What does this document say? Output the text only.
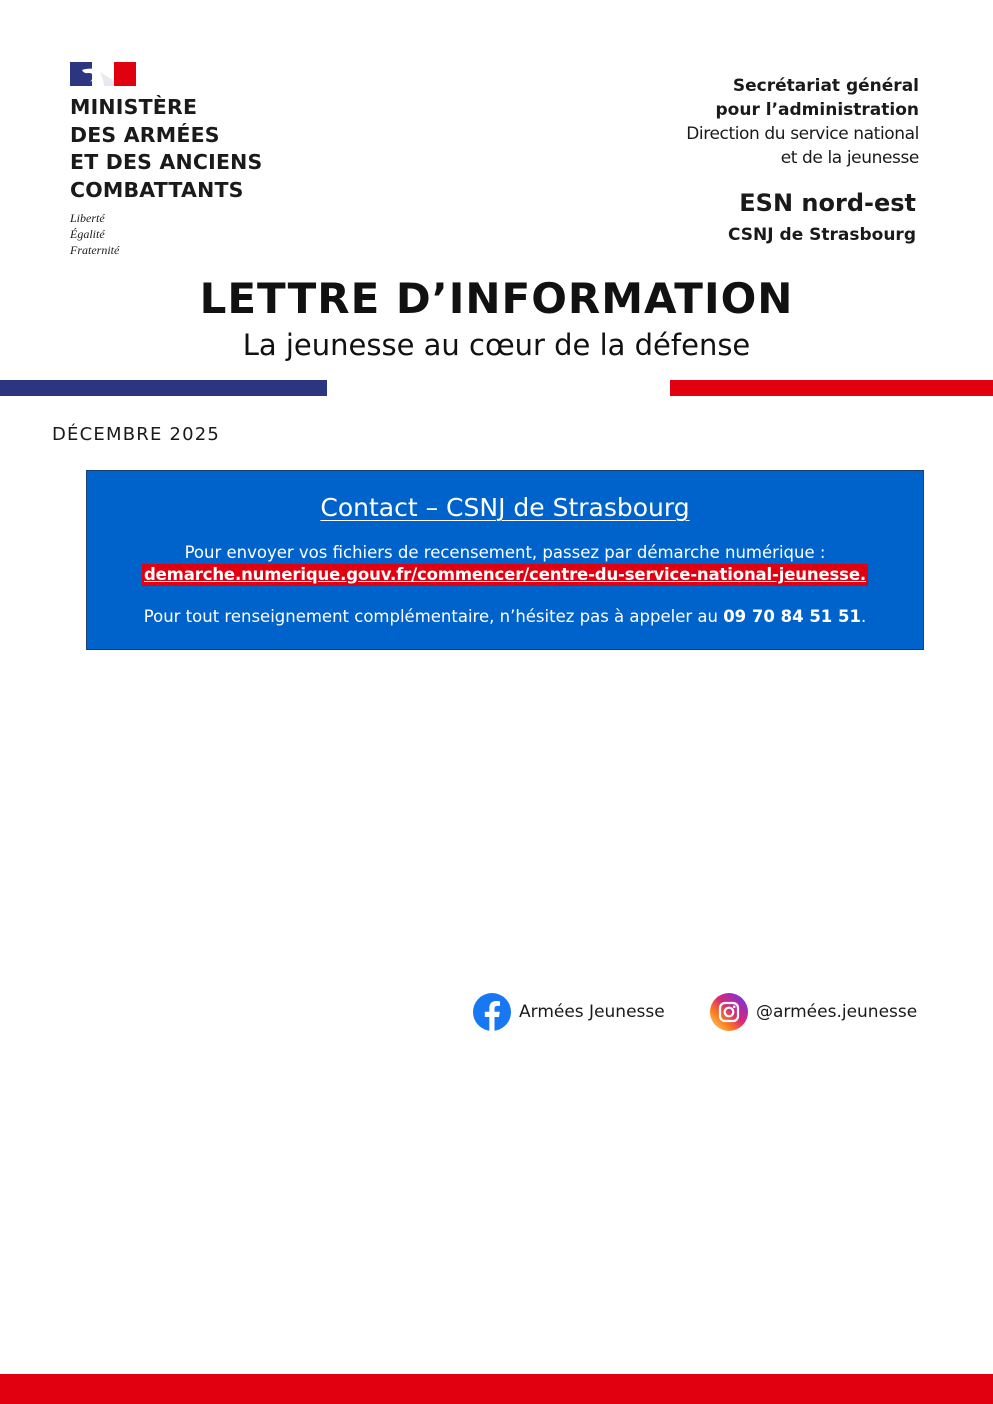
MINISTÈRE
DES ARMÉES
ET DES ANCIENS
COMBATTANTS
Liberté
Égalité
Fraternité
Secrétariat général
pour l’administration
Direction du service national
et de la jeunesse
ESN nord-est
CSNJ de Strasbourg
LETTRE D’INFORMATION
La jeunesse au cœur de la défense
DÉCEMBRE 2025
Contact – CSNJ de Strasbourg
Pour envoyer vos fichiers de recensement, passez par démarche numérique :
demarche.numerique.gouv.fr/commencer/centre-du-service-national-jeunesse.
Pour tout renseignement complémentaire, n’hésitez pas à appeler au 09 70 84 51 51.
Armées Jeunesse	@armées.jeunesse
